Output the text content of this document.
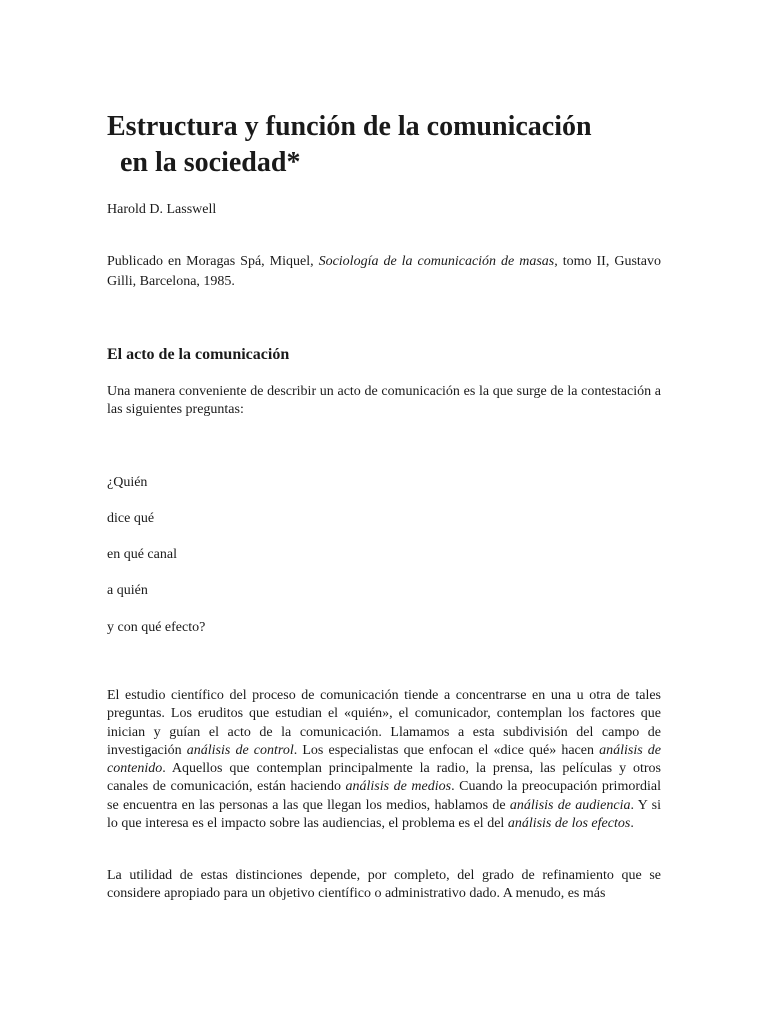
Estructura y función de la comunicación
en la sociedad*
Harold D. Lasswell
Publicado en Moragas Spá, Miquel, Sociología de la comunicación de masas, tomo II, Gustavo Gilli, Barcelona, 1985.
El acto de la comunicación

Una manera conveniente de describir un acto de comunicación es la que surge de la contestación a las siguientes preguntas:

¿Quién
dice qué
en qué canal
a quién
y con qué efecto?

El estudio científico del proceso de comunicación tiende a concentrarse en una u otra de tales preguntas. Los eruditos que estudian el «quién», el comunicador, contemplan los factores que inician y guían el acto de la comunicación. Llamamos a esta subdivisión del campo de investigación análisis de control. Los especialistas que enfocan el «dice qué» hacen análisis de contenido. Aquellos que contemplan principalmente la radio, la prensa, las películas y otros canales de comunicación, están haciendo análisis de medios. Cuando la preocupación primordial se encuentra en las personas a las que llegan los medios, hablamos de análisis de audiencia. Y si lo que interesa es el impacto sobre las audiencias, el problema es el del análisis de los efectos.

La utilidad de estas distinciones depende, por completo, del grado de refinamiento que se considere apropiado para un objetivo científico o administrativo dado. A menudo, es más
